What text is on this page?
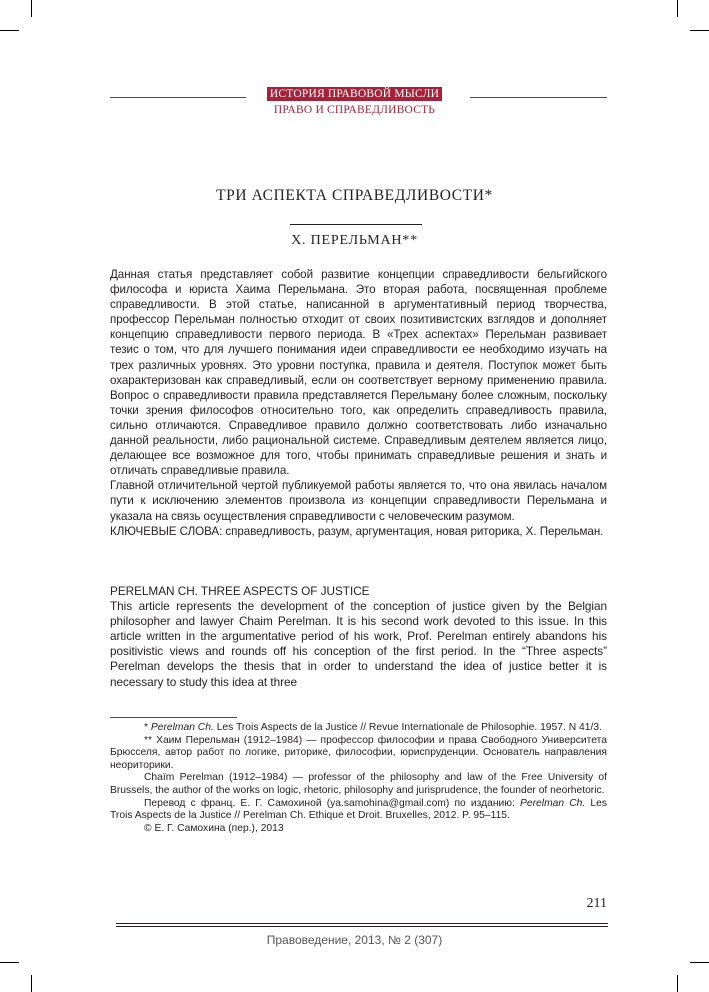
ИСТОРИЯ ПРАВОВОЙ МЫСЛИ
ПРАВО И СПРАВЕДЛИВОСТЬ
ТРИ АСПЕКТА СПРАВЕДЛИВОСТИ*
Х. ПЕРЕЛЬМАН**

Данная статья представляет собой развитие концепции справедливости бельгийского философа и юриста Хаима Перельмана. Это вторая работа, посвященная проблеме справедливости. В этой статье, написанной в аргументативный период творчества, профессор Перельман полностью отходит от своих позитивистских взглядов и дополняет концепцию справедливости первого периода. В «Трех аспектах» Перельман развивает тезис о том, что для лучшего понимания идеи справедливости ее необходимо изучать на трех различных уровнях. Это уровни поступка, правила и деятеля. Поступок может быть охарактеризован как справедливый, если он соответствует верному применению правила. Вопрос о справедливости правила представляется Перельману более сложным, поскольку точки зрения философов относительно того, как определить справедливость правила, сильно отличаются. Справедливое правило должно соответствовать либо изначально данной реальности, либо рациональной системе. Справедливым деятелем является лицо, делающее все возможное для того, чтобы принимать справедливые решения и знать и отличать справедливые правила.

Главной отличительной чертой публикуемой работы является то, что она явилась началом пути к исключению элементов произвола из концепции справедливости Перельмана и указала на связь осуществления справедливости с человеческим разумом.

КЛЮЧЕВЫЕ СЛОВА: справедливость, разум, аргументация, новая риторика, Х. Перельман.

PERELMAN CH. THREE ASPECTS OF JUSTICE

This article represents the development of the conception of justice given by the Belgian philosopher and lawyer Chaim Perelman. It is his second work devoted to this issue. In this article written in the argumentative period of his work, Prof. Perelman entirely abandons his positivistic views and rounds off his conception of the first period. In the “Three aspects” Perelman develops the thesis that in order to understand the idea of justice better it is necessary to study this idea at three

* Perelman Ch. Les Trois Aspects de la Justice // Revue Internationale de Philosophie. 1957. N 41/3.

** Хаим Перельман (1912–1984) — профессор философии и права Свободного Университета Брюсселя, автор работ по логике, риторике, философии, юриспруденции. Основатель направления неориторики.

Chaïm Perelman (1912–1984) — professor of the philosophy and law of the Free University of Brussels, the author of the works on logic, rhetoric, philosophy and jurisprudence, the founder of neorhetoric.

Перевод с франц. Е. Г. Самохиной (ya.samohina@gmail.com) по изданию: Perelman Ch. Les Trois Aspects de la Justice // Perelman Ch. Ethique et Droit. Bruxelles, 2012. P. 95–115.

© Е. Г. Самохина (пер.), 2013

211
Правоведение, 2013, № 2 (307)
